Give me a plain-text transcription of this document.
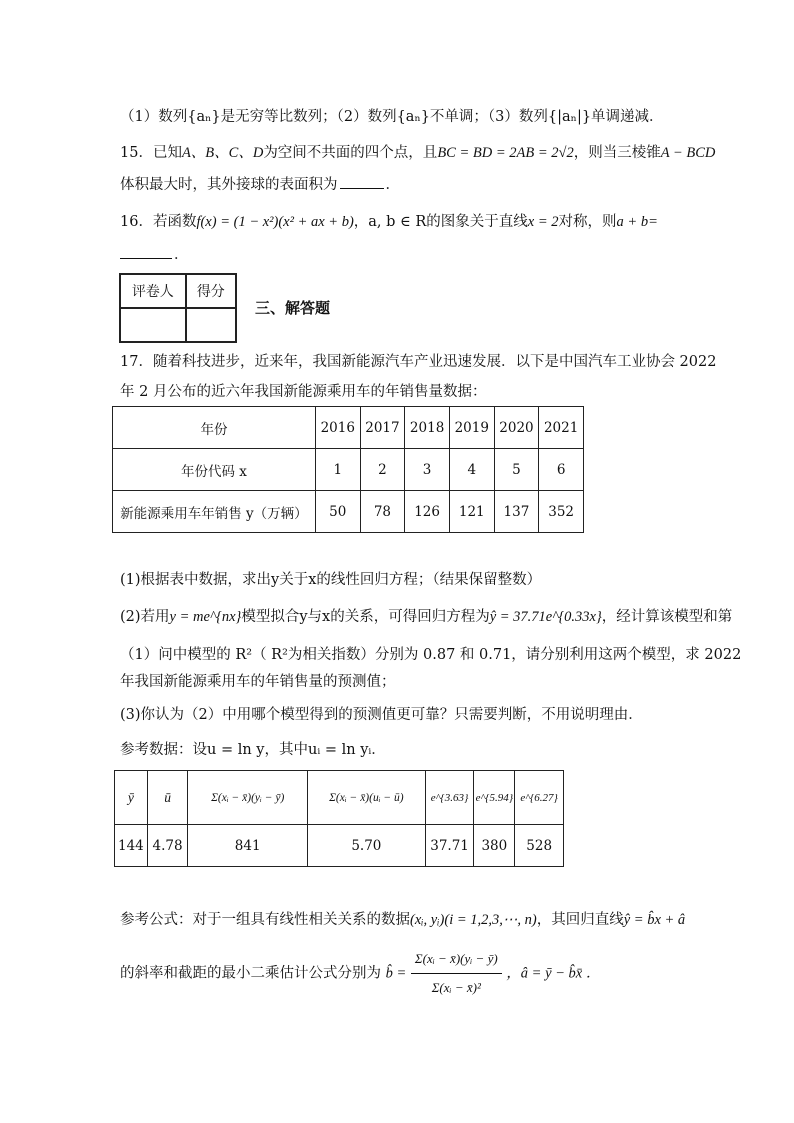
（1）数列{aₙ}是无穷等比数列；（2）数列{aₙ}不单调；（3）数列{|aₙ|}单调递减．
15．已知A、B、C、D为空间不共面的四个点，且BC = BD = 2AB = 2√2，则当三棱锥A − BCD
体积最大时，其外接球的表面积为	．
16．若函数f(x) = (1 − x²)(x² + ax + b)，a, b ∈ R的图象关于直线x = 2对称，则a + b=
．
评卷人	得分

三、解答题
17．随着科技进步，近来年，我国新能源汽车产业迅速发展．以下是中国汽车工业协会 2022
年 2 月公布的近六年我国新能源乘用车的年销售量数据：
年份	2016	2017	2018	2019	2020	2021
年份代码 x	1	2	3	4	5	6
新能源乘用车年销售 y（万辆）	50	78	126	121	137	352
(1)根据表中数据，求出y关于x的线性回归方程；（结果保留整数）
(2)若用y = me^{nx}模型拟合y与x的关系，可得回归方程为ŷ = 37.71e^{0.33x}，经计算该模型和第
（1）问中模型的 R²（ R²为相关指数）分别为 0.87 和 0.71，请分别利用这两个模型，求 2022
年我国新能源乘用车的年销售量的预测值；
(3)你认为（2）中用哪个模型得到的预测值更可靠？只需要判断，不用说明理由．
参考数据：设u = ln y，其中uᵢ = ln yᵢ．
ȳ	ū	Σ(xᵢ − x̄)(yᵢ − ȳ)	Σ(xᵢ − x̄)(uᵢ − ū)	e^{3.63}	e^{5.94}	e^{6.27}
144	4.78	841	5.70	37.71	380	528
参考公式：对于一组具有线性相关关系的数据(xᵢ, yᵢ)(i = 1,2,3,⋯, n)，其回归直线ŷ = b̂x + â
的斜率和截距的最小二乘估计公式分别为 b̂ = $\frac{\text{Σ(xᵢ − x̄)(yᵢ − ȳ)}}{\text{Σ(xᵢ − x̄)²}}$ ，â = ȳ − b̂x̄ ．
